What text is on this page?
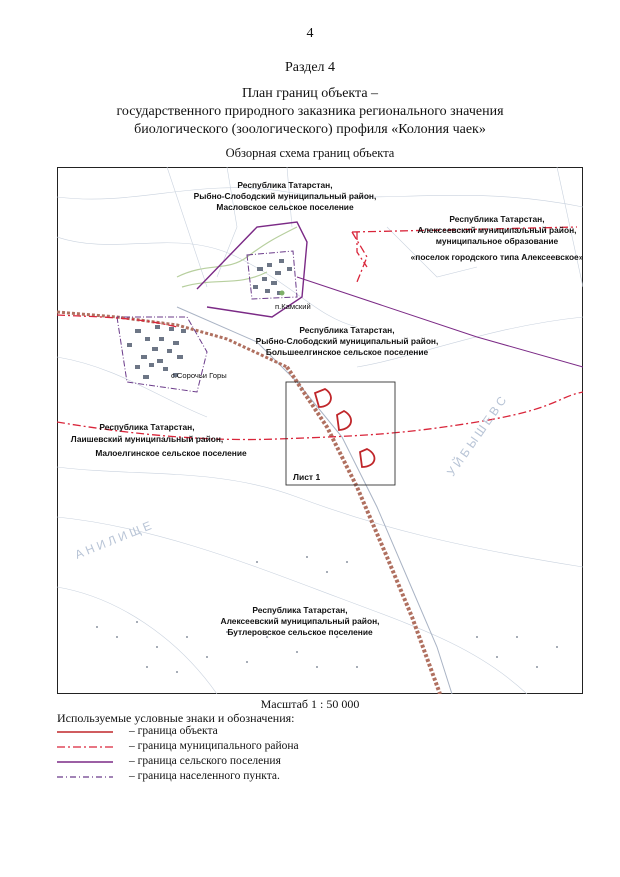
4
Раздел 4
План границ объекта –
государственного природного заказника регионального значения
биологического (зоологического) профиля «Колония чаек»
Обзорная схема границ объекта
У Й Б Ы Ш Е В С
А Н И Л И Щ Е
Республика Татарстан,
Рыбно-Слободский муниципальный район,
Масловское сельское поселение
Республика Татарстан,
Алексеевский муниципальный район,
муниципальное образование
«поселок городского типа Алексеевское»
п.Камский
Республика Татарстан,
Рыбно-Слободский муниципальный район,
Большеелгинское сельское поселение
с.Сорочьи Горы
Республика Татарстан,
Лаишевский муниципальный район,
Малоелгинское сельское поселение
Лист 1
Республика Татарстан,
Алексеевский муниципальный район,
Бутлеровское сельское поселение
Масштаб 1 : 50 000
Используемые условные знаки и обозначения:
– граница объекта
– граница муниципального района
– граница сельского поселения
– граница населенного пункта.
